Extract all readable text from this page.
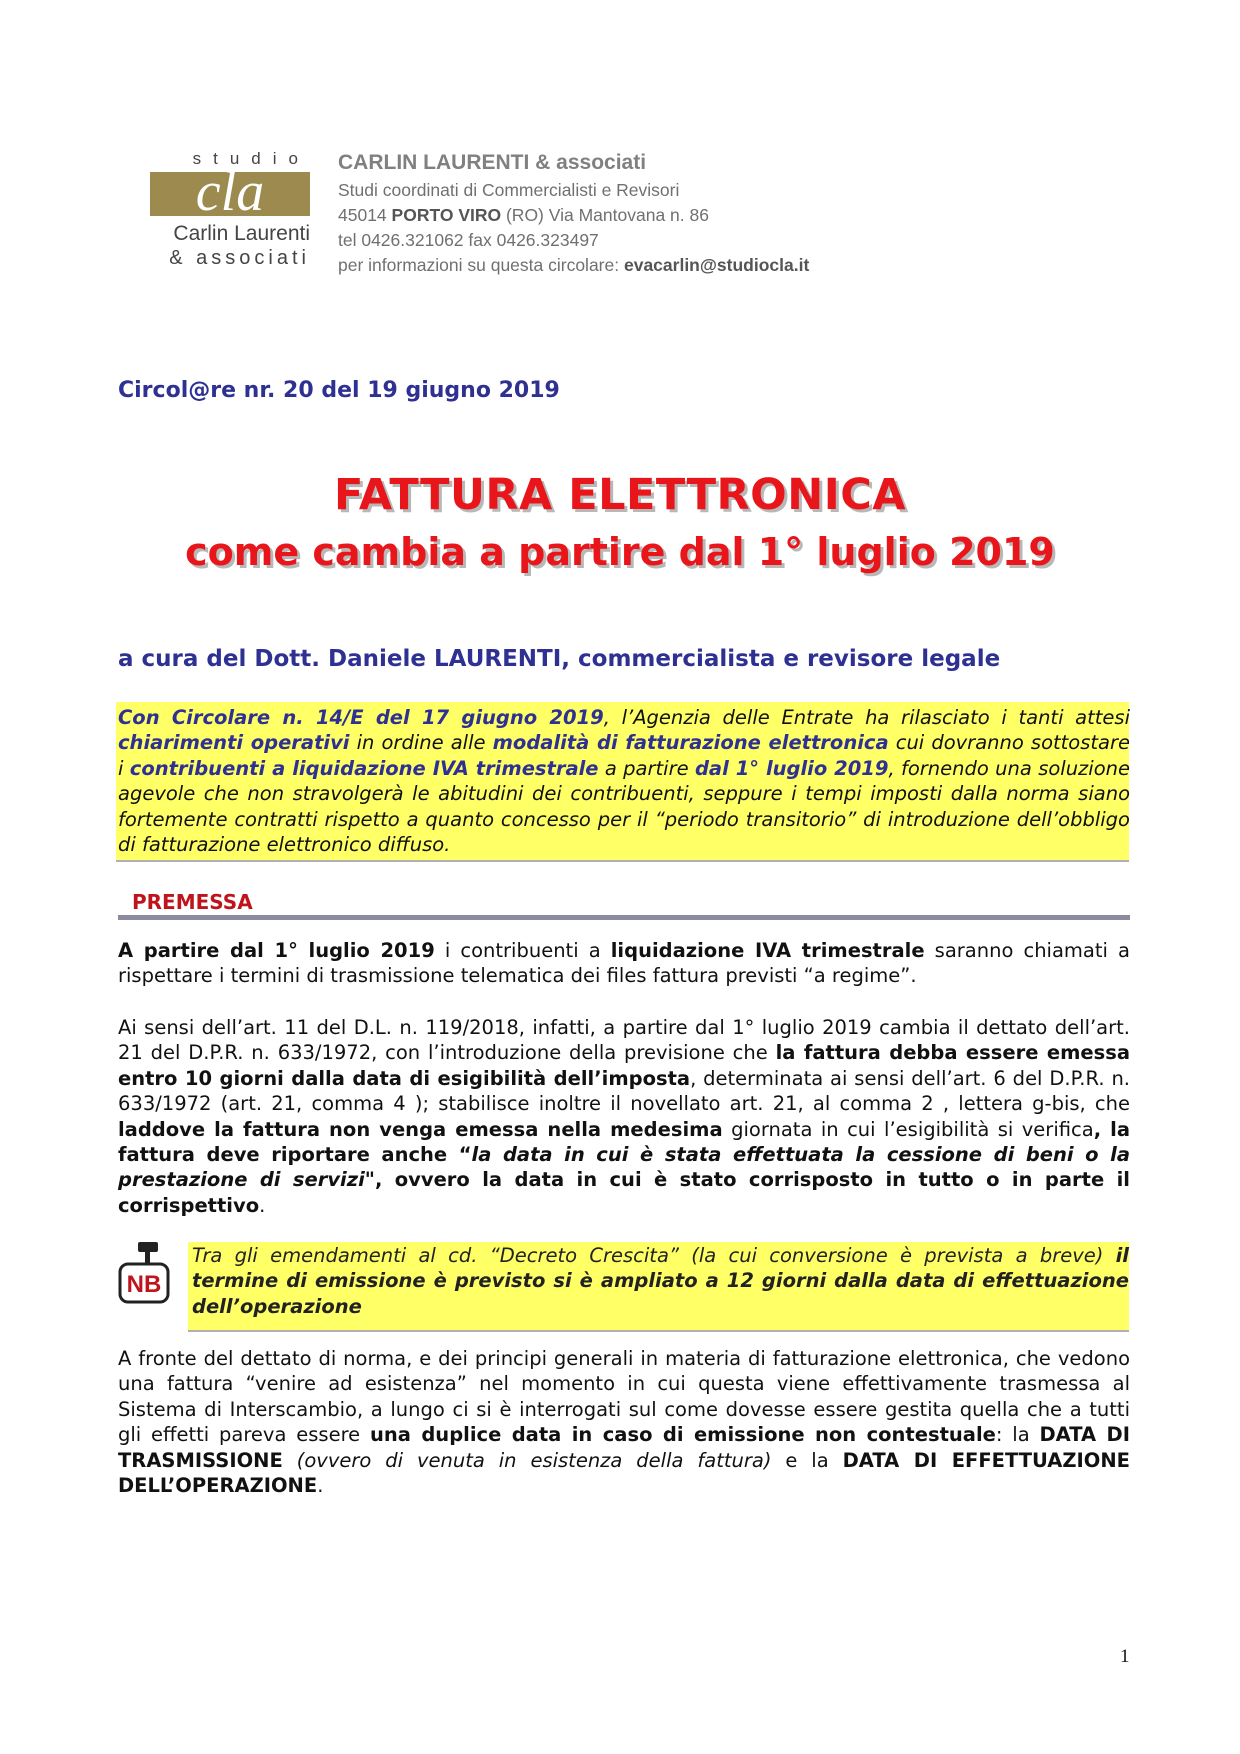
studio
cla
Carlin Laurenti
& associati
CARLIN LAURENTI & associati
Studi coordinati di Commercialisti e Revisori
45014 PORTO VIRO (RO) Via Mantovana n. 86
tel 0426.321062 fax 0426.323497
per informazioni su questa circolare: evacarlin@studiocla.it
Circol@re nr. 20 del 19 giugno 2019
FATTURA ELETTRONICA
come cambia a partire dal 1° luglio 2019
a cura del Dott. Daniele LAURENTI, commercialista e revisore legale
Con Circolare n. 14/E del 17 giugno 2019, l’Agenzia delle Entrate ha rilasciato i tanti attesi chiarimenti operativi in ordine alle modalità di fatturazione elettronica cui dovranno sottostare i contribuenti a liquidazione IVA trimestrale a partire dal 1° luglio 2019, fornendo una soluzione agevole che non stravolgerà le abitudini dei contribuenti, seppure i tempi imposti dalla norma siano fortemente contratti rispetto a quanto concesso per il “periodo transitorio” di introduzione dell’obbligo di fatturazione elettronico diffuso.
PREMESSA
A partire dal 1° luglio 2019 i contribuenti a liquidazione IVA trimestrale saranno chiamati a rispettare i termini di trasmissione telematica dei files fattura previsti “a regime”.
Ai sensi dell’art. 11 del D.L. n. 119/2018, infatti, a partire dal 1° luglio 2019 cambia il dettato dell’art. 21 del D.P.R. n. 633/1972, con l’introduzione della previsione che la fattura debba essere emessa entro 10 giorni dalla data di esigibilità dell’imposta, determinata ai sensi dell’art. 6 del D.P.R. n. 633/1972 (art. 21, comma 4 ); stabilisce inoltre il novellato art. 21, al comma 2 , lettera g-bis, che laddove la fattura non venga emessa nella medesima giornata in cui l’esigibilità si verifica, la fattura deve riportare anche “la data in cui è stata effettuata la cessione di beni o la prestazione di servizi", ovvero la data in cui è stato corrisposto in tutto o in parte il corrispettivo.
NB
Tra gli emendamenti al cd. “Decreto Crescita” (la cui conversione è prevista a breve) il termine di emissione è previsto si è ampliato a 12 giorni dalla data di effettuazione dell’operazione
A fronte del dettato di norma, e dei principi generali in materia di fatturazione elettronica, che vedono una fattura “venire ad esistenza” nel momento in cui questa viene effettivamente trasmessa al Sistema di Interscambio, a lungo ci si è interrogati sul come dovesse essere gestita quella che a tutti gli effetti pareva essere una duplice data in caso di emissione non contestuale: la DATA DI TRASMISSIONE (ovvero di venuta in esistenza della fattura) e la DATA DI EFFETTUAZIONE DELL’OPERAZIONE.
1
